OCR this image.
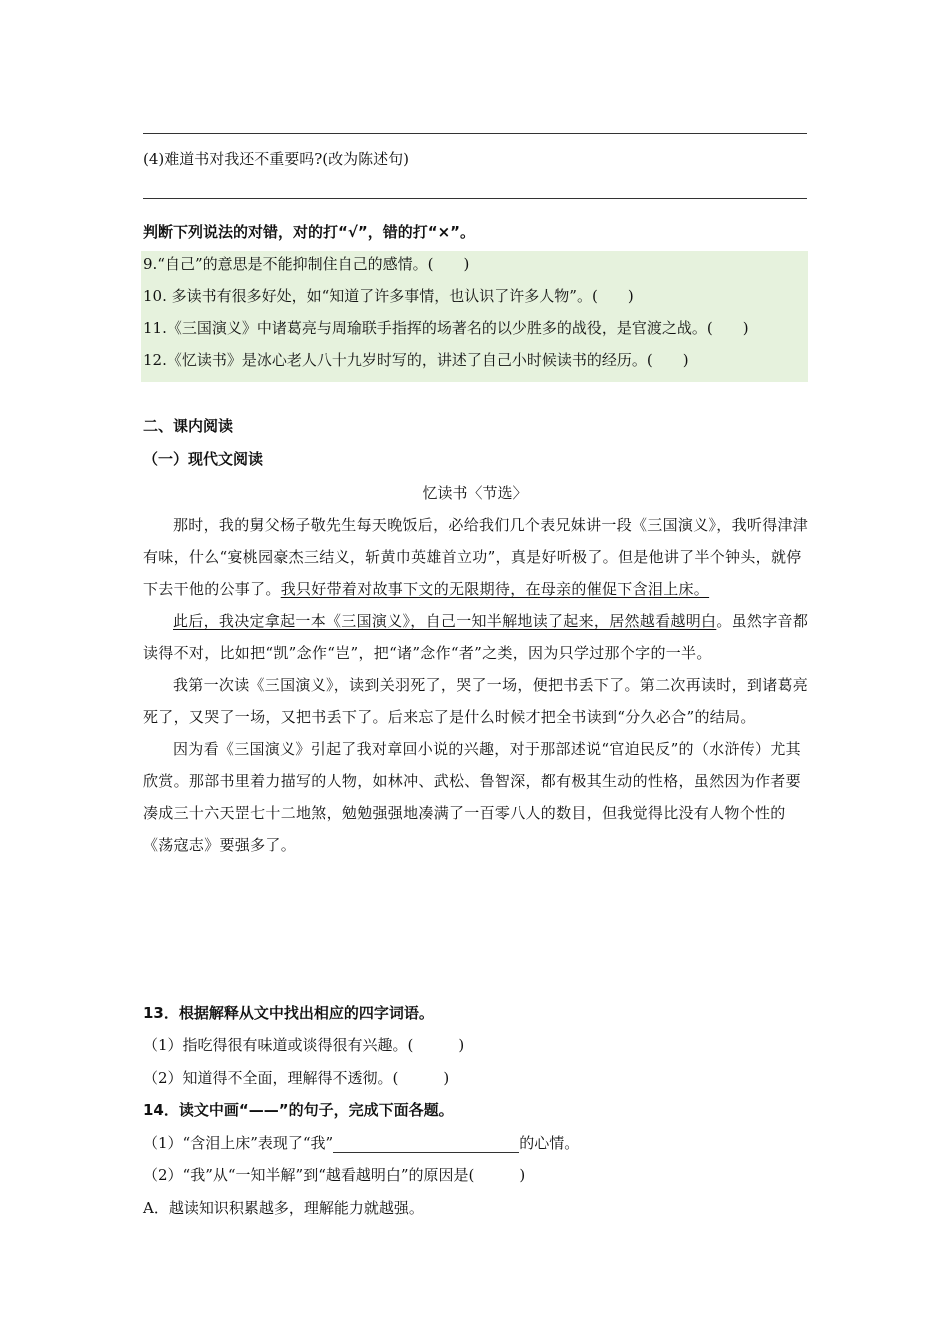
(4)难道书对我还不重要吗?(改为陈述句)
判断下列说法的对错，对的打“√”，错的打“×”。
9.“自己”的意思是不能抑制住自己的感情。(　　)
10. 多读书有很多好处，如“知道了许多事情，也认识了许多人物”。(　　)
11.《三国演义》中诸葛亮与周瑜联手指挥的场著名的以少胜多的战役，是官渡之战。(　　)
12.《忆读书》是冰心老人八十九岁时写的，讲述了自己小时候读书的经历。(　　)
二、课内阅读
（一）现代文阅读
忆读书〈节选〉

那时，我的舅父杨子敬先生每天晚饭后，必给我们几个表兄妹讲一段《三国演义》，我听得津津有味，什么“宴桃园豪杰三结义，斩黄巾英雄首立功”，真是好听极了。但是他讲了半个钟头，就停下去干他的公事了。我只好带着对故事下文的无限期待，在母亲的催促下含泪上床。

此后，我决定拿起一本《三国演义》，自己一知半解地读了起来，居然越看越明白。虽然字音都读得不对，比如把“凯”念作“岂”，把“诸”念作“者”之类，因为只学过那个字的一半。

我第一次读《三国演义》，读到关羽死了，哭了一场，便把书丢下了。第二次再读时，到诸葛亮死了，又哭了一场，又把书丢下了。后来忘了是什么时候才把全书读到“分久必合”的结局。

因为看《三国演义》引起了我对章回小说的兴趣，对于那部述说“官迫民反”的（水浒传）尤其欣赏。那部书里着力描写的人物，如林冲、武松、鲁智深，都有极其生动的性格，虽然因为作者要凑成三十六天罡七十二地煞，勉勉强强地凑满了一百零八人的数目，但我觉得比没有人物个性的《荡寇志》要强多了。

13．根据解释从文中找出相应的四字词语。
（1）指吃得很有味道或谈得很有兴趣。(　　　)
（2）知道得不全面，理解得不透彻。(　　　)
14．读文中画“——”的句子，完成下面各题。
（1）“含泪上床”表现了“我”	的心情。
（2）“我”从“一知半解”到“越看越明白”的原因是(　　　)
A．越读知识积累越多，理解能力就越强。
